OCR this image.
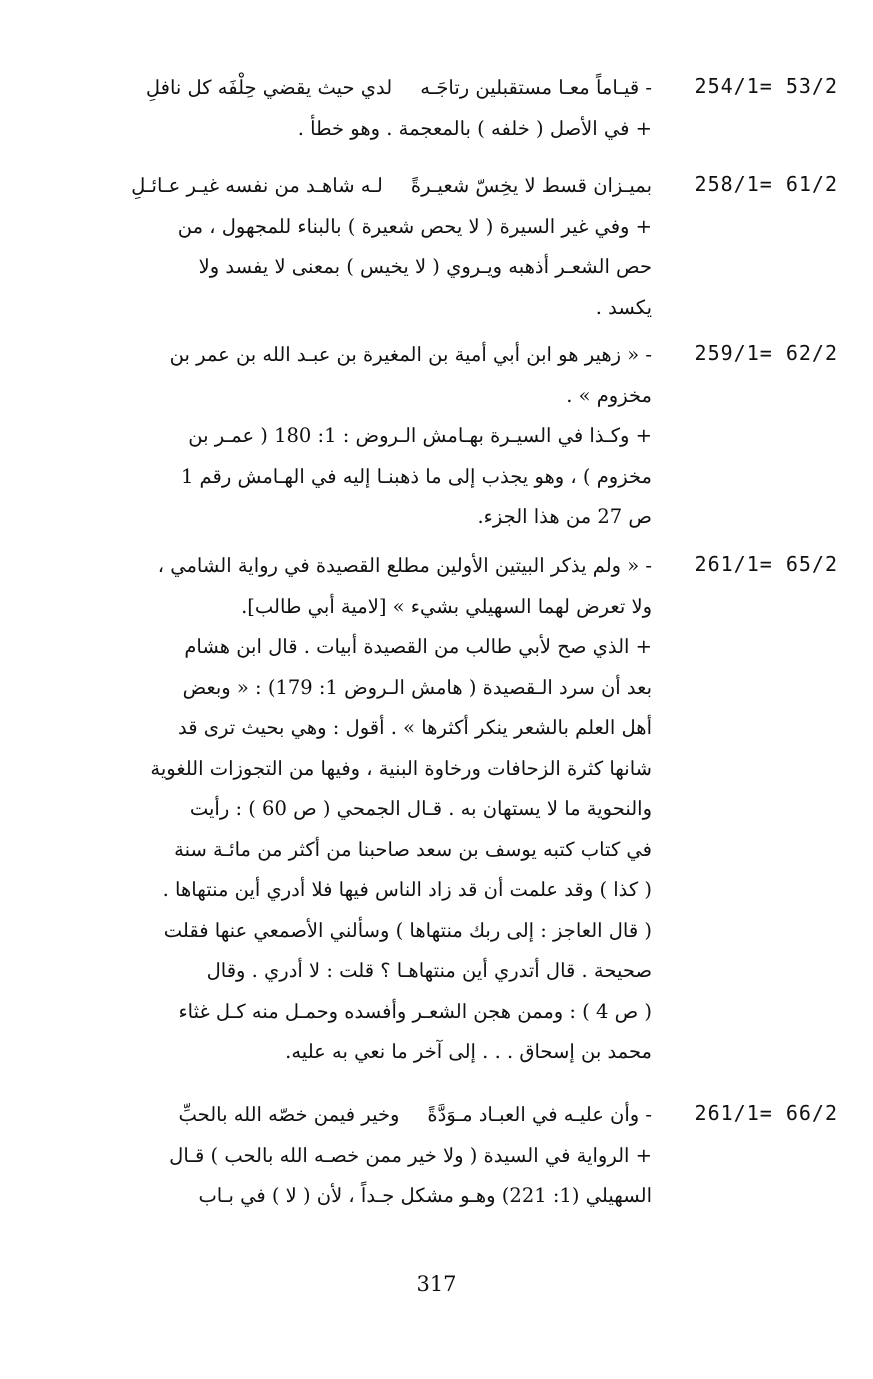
254/1= 53/2
- قيـاماً معـا مستقبلين رتاجَـهلدي حيث يقضي حِلْفَه كل نافلِ
+ في الأصل ( خلفه ) بالمعجمة . وهو خطأ .
258/1= 61/2
بميـزان قسط لا يخِسّ شعيـرةًلـه شاهـد من نفسه غيـر عـائـلِ
+ وفي غير السيرة ( لا يحص شعيرة ) بالبناء للمجهول ، من
حص الشعـر أذهبه ويـروي ( لا يخيس ) بمعنى لا يفسد ولا
يكسد .
259/1= 62/2
- « زهير هو ابن أبي أمية بن المغيرة بن عبـد الله بن عمر بن
مخزوم » .
+ وكـذا في السيـرة بهـامش الـروض : 1: 180 ( عمـر بن
مخزوم ) ، وهو يجذب إلى ما ذهبنـا إليه في الهـامش رقم 1
ص 27 من هذا الجزء.
261/1= 65/2
- « ولم يذكر البيتين الأولين مطلع القصيدة في رواية الشامي ،
ولا تعرض لهما السهيلي بشيء » [لامية أبي طالب].
+ الذي صح لأبي طالب من القصيدة أبيات . قال ابن هشام
بعد أن سرد الـقصيدة ( هامش الـروض 1: 179) : « وبعض
أهل العلم بالشعر ينكر أكثرها » . أقول : وهي بحيث ترى قد
شانها كثرة الزحافات ورخاوة البنية ، وفيها من التجوزات اللغوية
والنحوية ما لا يستهان به . قـال الجمحي ( ص 60 ) : رأيت
في كتاب كتبه يوسف بن سعد صاحبنا من أكثر من مائـة سنة
( كذا ) وقد علمت أن قد زاد الناس فيها فلا أدري أين منتهاها .
( قال العاجز : إلى ربك منتهاها ) وسألني الأصمعي عنها فقلت
صحيحة . قال أتدري أين منتهاهـا ؟ قلت : لا أدري . وقال
( ص 4 ) : وممن هجن الشعـر وأفسده وحمـل منه كـل غثاء
محمد بن إسحاق . . . إلى آخر ما نعي به عليه.
261/1= 66/2
- وأن عليـه في العبـاد مـوَدَّةًوخير فيمن خصّه الله بالحبِّ
+ الرواية في السيدة ( ولا خير ممن خصـه الله بالحب ) قـال
السهيلي (1: 221) وهـو مشكل جـداً ، لأن ( لا ) في بـاب
317
